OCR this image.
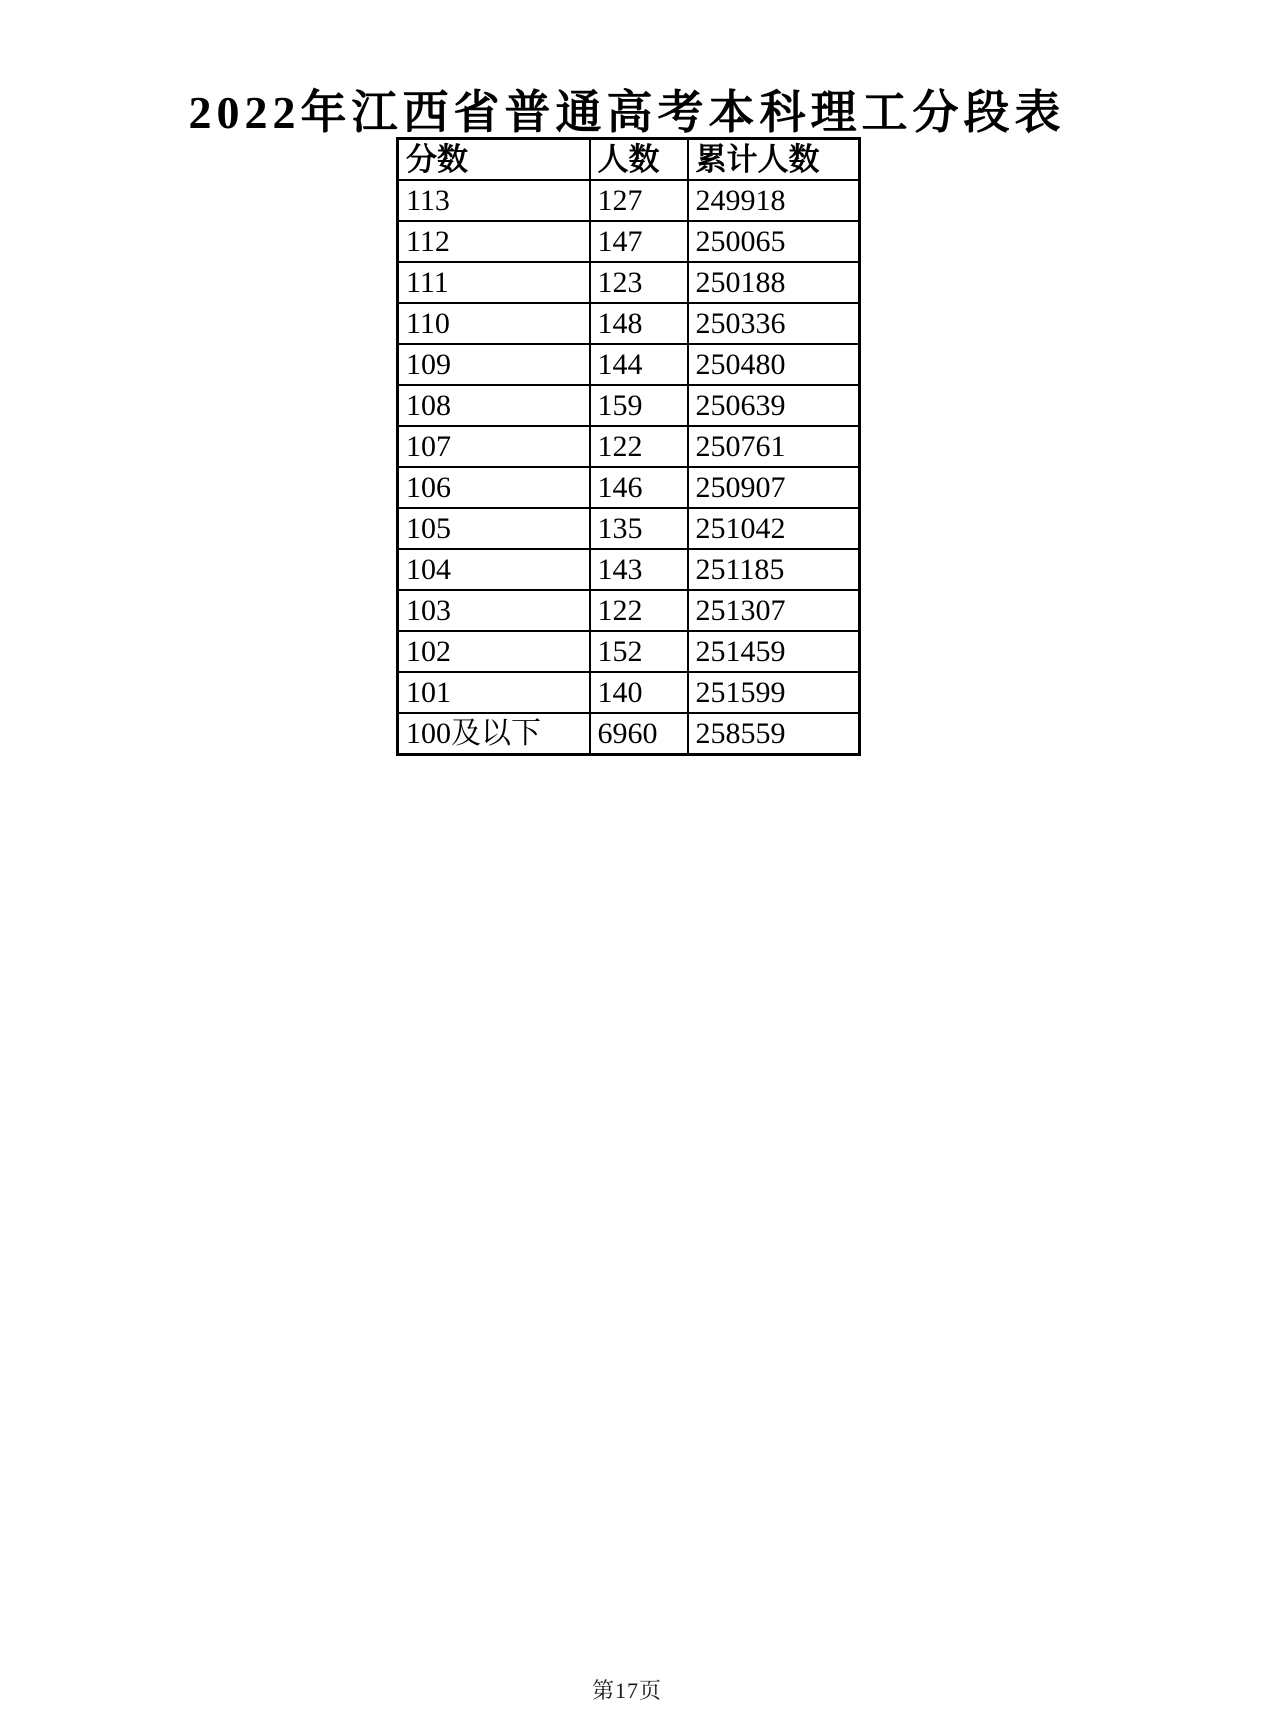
2022年江西省普通高考本科理工分段表
分数	人数	累计人数
113	127	249918
112	147	250065
111	123	250188
110	148	250336
109	144	250480
108	159	250639
107	122	250761
106	146	250907
105	135	251042
104	143	251185
103	122	251307
102	152	251459
101	140	251599
100及以下	6960	258559
第17页
